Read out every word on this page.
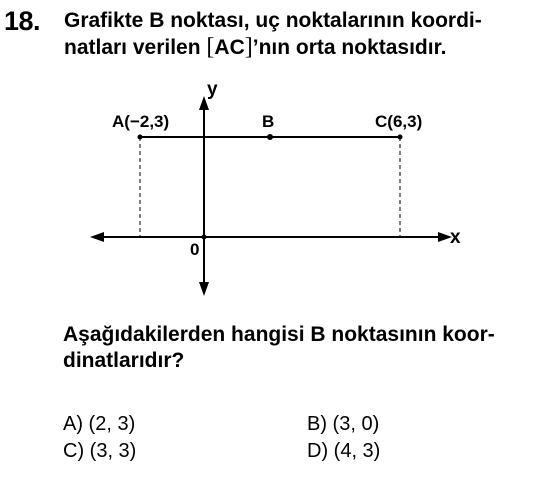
18. Grafikte B noktası, uç noktalarının koordi-
natları verilen [AC]’nın orta noktasıdır.
y
x
0
A(−2,3)	B	C(6,3)
Aşağıdakilerden hangisi B noktasının koor-
dinatlarıdır?
A) (2, 3)	B) (3, 0)
C) (3, 3)	D) (4, 3)
